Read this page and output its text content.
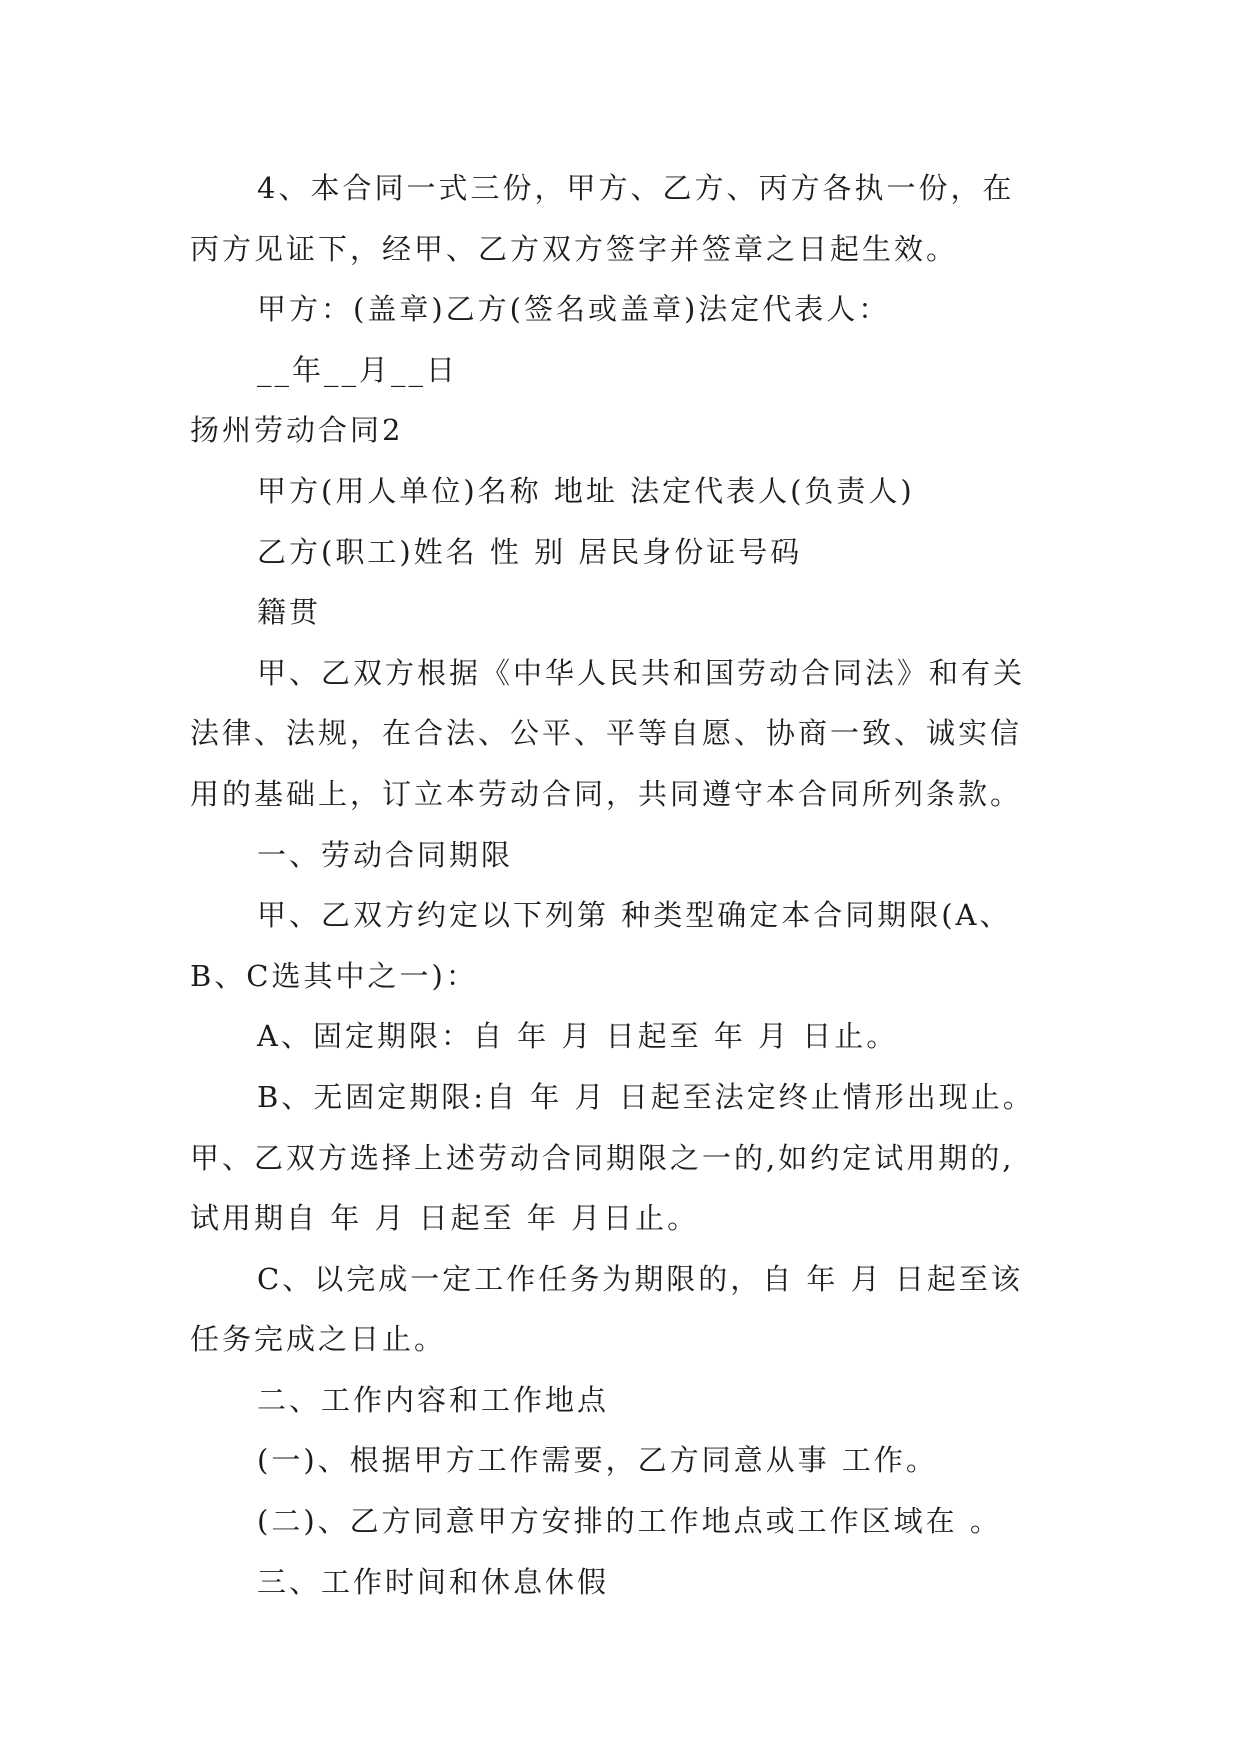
4、本合同一式三份，甲方、乙方、丙方各执一份，在
丙方见证下，经甲、乙方双方签字并签章之日起生效。
甲方：(盖章)乙方(签名或盖章)法定代表人：
__年__月__日
扬州劳动合同2
甲方(用人单位)名称 地址 法定代表人(负责人)
乙方(职工)姓名 性 别 居民身份证号码
籍贯
甲、乙双方根据《中华人民共和国劳动合同法》和有关
法律、法规，在合法、公平、平等自愿、协商一致、诚实信
用的基础上，订立本劳动合同，共同遵守本合同所列条款。
一、劳动合同期限
甲、乙双方约定以下列第 种类型确定本合同期限(A、
B、C选其中之一)：
A、固定期限：自 年 月 日起至 年 月 日止。
B、无固定期限:自 年 月 日起至法定终止情形出现止。
甲、乙双方选择上述劳动合同期限之一的,如约定试用期的,
试用期自 年 月 日起至 年 月日止。
C、以完成一定工作任务为期限的，自 年 月 日起至该
任务完成之日止。
二、工作内容和工作地点
(一)、根据甲方工作需要，乙方同意从事 工作。
(二)、乙方同意甲方安排的工作地点或工作区域在 。
三、工作时间和休息休假
